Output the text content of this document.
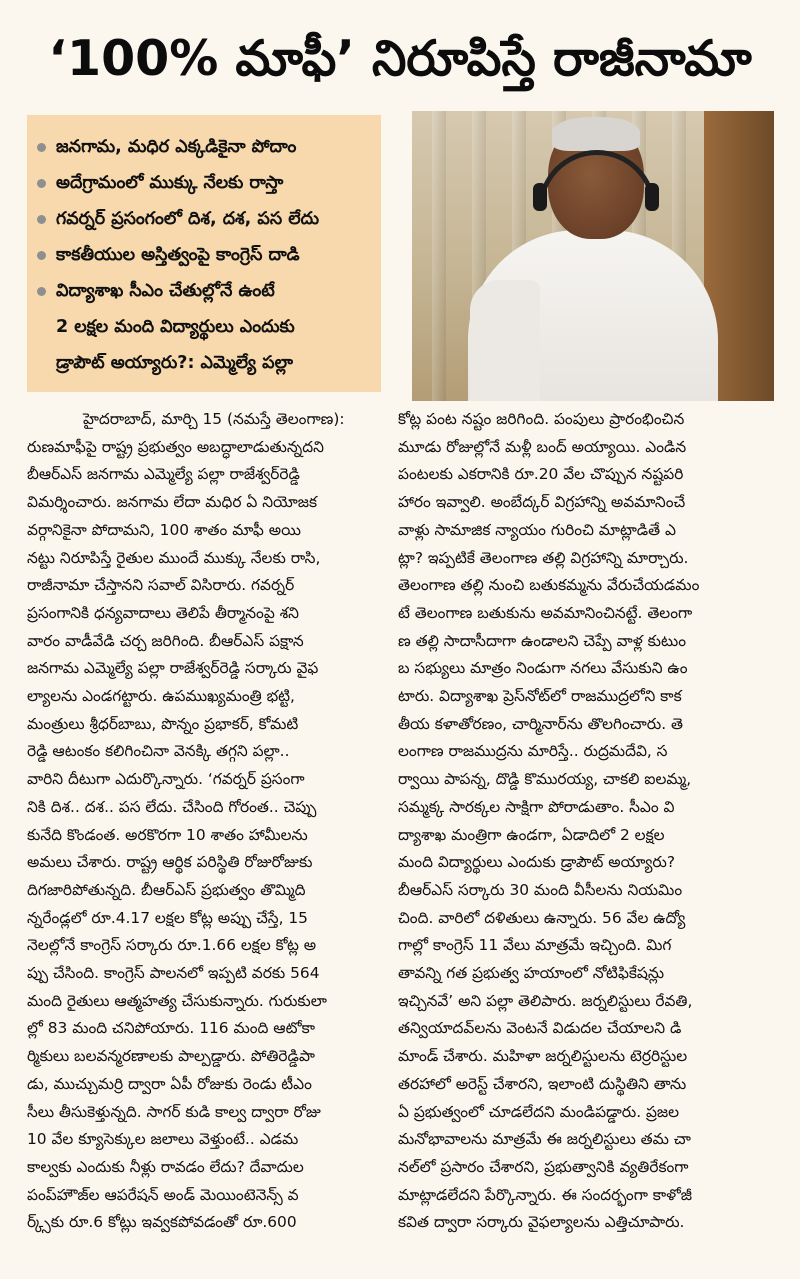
‘100% మాఫీ’ నిరూపిస్తే రాజీనామా
జనగామ, మధిర ఎక్కడికైనా పోదాం
అదేగ్రామంలో ముక్కు నేలకు రాస్తా
గవర్నర్ ప్రసంగంలో దిశ, దశ, పస లేదు
కాకతీయుల అస్తిత్వంపై కాంగ్రెస్ దాడి
విద్యాశాఖ సీఎం చేతుల్లోనే ఉంటే
2 లక్షల మంది విద్యార్థులు ఎందుకు
డ్రాపౌట్ అయ్యారు?: ఎమ్మెల్యే పల్లా
హైదరాబాద్, మార్చి 15 (నమస్తే తెలంగాణ):
రుణమాఫీపై రాష్ట్ర ప్రభుత్వం అబద్ధాలాడుతున్నదని
బీఆర్ఎస్ జనగామ ఎమ్మెల్యే పల్లా రాజేశ్వర్‌రెడ్డి
విమర్శించారు. జనగామ లేదా మధిర ఏ నియోజక
వర్గానికైనా పోదామని, 100 శాతం మాఫీ అయి
నట్టు నిరూపిస్తే రైతుల ముందే ముక్కు నేలకు రాసి,
రాజీనామా చేస్తానని సవాల్ విసిరారు. గవర్నర్
ప్రసంగానికి ధన్యవాదాలు తెలిపే తీర్మానంపై శని
వారం వాడీవేడి చర్చ జరిగింది. బీఆర్ఎస్ పక్షాన
జనగామ ఎమ్మెల్యే పల్లా రాజేశ్వర్‌రెడ్డి సర్కారు వైఫ
ల్యాలను ఎండగట్టారు. ఉపముఖ్యమంత్రి భట్టి,
మంత్రులు శ్రీధర్‌బాబు, పొన్నం ప్రభాకర్, కోమటి
రెడ్డి ఆటంకం కలిగించినా వెనక్కి తగ్గని పల్లా..
వారిని దీటుగా ఎదుర్కొన్నారు. ‘గవర్నర్ ప్రసంగా
నికి దిశ.. దశ.. పస లేదు. చేసింది గోరంత.. చెప్పు
కునేది కొండంత. అరకొరగా 10 శాతం హామీలను
అమలు చేశారు. రాష్ట్ర ఆర్థిక పరిస్థితి రోజురోజుకు
దిగజారిపోతున్నది. బీఆర్ఎస్ ప్రభుత్వం తొమ్మిది
న్నరేండ్లలో రూ.4.17 లక్షల కోట్ల అప్పు చేస్తే, 15
నెలల్లోనే కాంగ్రెస్ సర్కారు రూ.1.66 లక్షల కోట్ల అ
ప్పు చేసింది. కాంగ్రెస్ పాలనలో ఇప్పటి వరకు 564
మంది రైతులు ఆత్మహత్య చేసుకున్నారు. గురుకులా
ల్లో 83 మంది చనిపోయారు. 116 మంది ఆటోకా
ర్మికులు బలవన్మరణాలకు పాల్పడ్డారు. పోతిరెడ్డిపా
డు, ముచ్చుమర్రి ద్వారా ఏపీ రోజుకు రెండు టీఎం
సీలు తీసుకెళ్తున్నది. సాగర్ కుడి కాల్వ ద్వారా రోజు
10 వేల క్యూసెక్కుల జలాలు వెళ్తుంటే.. ఎడమ
కాల్వకు ఎందుకు నీళ్లు రావడం లేదు? దేవాదుల
పంప్‌హౌజ్‌ల ఆపరేషన్ అండ్ మెయింటెనెన్స్ వ
ర్క్స్‌కు రూ.6 కోట్లు ఇవ్వకపోవడంతో రూ.600
కోట్ల పంట నష్టం జరిగింది. పంపులు ప్రారంభించిన
మూడు రోజుల్లోనే మళ్లీ బంద్ అయ్యాయి. ఎండిన
పంటలకు ఎకరానికి రూ.20 వేల చొప్పున నష్టపరి
హారం ఇవ్వాలి. అంబేద్కర్ విగ్రహాన్ని అవమానించే
వాళ్లు సామాజిక న్యాయం గురించి మాట్లాడితే ఎ
ట్లా? ఇప్పటికే తెలంగాణ తల్లి విగ్రహాన్ని మార్చారు.
తెలంగాణ తల్లి నుంచి బతుకమ్మను వేరుచేయడమం
టే తెలంగాణ బతుకును అవమానించినట్టే. తెలంగా
ణ తల్లి సాదాసీదాగా ఉండాలని చెప్పే వాళ్ల కుటుం
బ సభ్యులు మాత్రం నిండుగా నగలు వేసుకుని ఉం
టారు. విద్యాశాఖ ప్రెస్‌నోట్‌లో రాజముద్రలోని కాక
తీయ కళాతోరణం, చార్మినార్‌ను తొలగించారు. తె
లంగాణ రాజముద్రను మారిస్తే.. రుద్రమదేవి, స
ర్వాయి పాపన్న, దొడ్డి కొమురయ్య, చాకలి ఐలమ్మ,
సమ్మక్క సారక్కల సాక్షిగా పోరాడుతాం. సీఎం వి
ద్యాశాఖ మంత్రిగా ఉండగా, ఏడాదిలో 2 లక్షల
మంది విద్యార్థులు ఎందుకు డ్రాపౌట్ అయ్యారు?
బీఆర్ఎస్ సర్కారు 30 మంది వీసీలను నియమిం
చింది. వారిలో దళితులు ఉన్నారు. 56 వేల ఉద్యో
గాల్లో కాంగ్రెస్ 11 వేలు మాత్రమే ఇచ్చింది. మిగ
తావన్ని గత ప్రభుత్వ హయాంలో నోటిఫికేషన్లు
ఇచ్చినవే’ అని పల్లా తెలిపారు. జర్నలిస్టులు రేవతి,
తన్వియాదవ్‌లను వెంటనే విడుదల చేయాలని డి
మాండ్ చేశారు. మహిళా జర్నలిస్టులను టెర్రరిస్టుల
తరహాలో అరెస్ట్ చేశారని, ఇలాంటి దుస్థితిని తాను
ఏ ప్రభుత్వంలో చూడలేదని మండిపడ్డారు. ప్రజల
మనోభావాలను మాత్రమే ఈ జర్నలిస్టులు తమ చా
నల్‌లో ప్రసారం చేశారని, ప్రభుత్వానికి వ్యతిరేకంగా
మాట్లాడలేదని పేర్కొన్నారు. ఈ సందర్భంగా కాళోజీ
కవిత ద్వారా సర్కారు వైఫల్యాలను ఎత్తిచూపారు.
